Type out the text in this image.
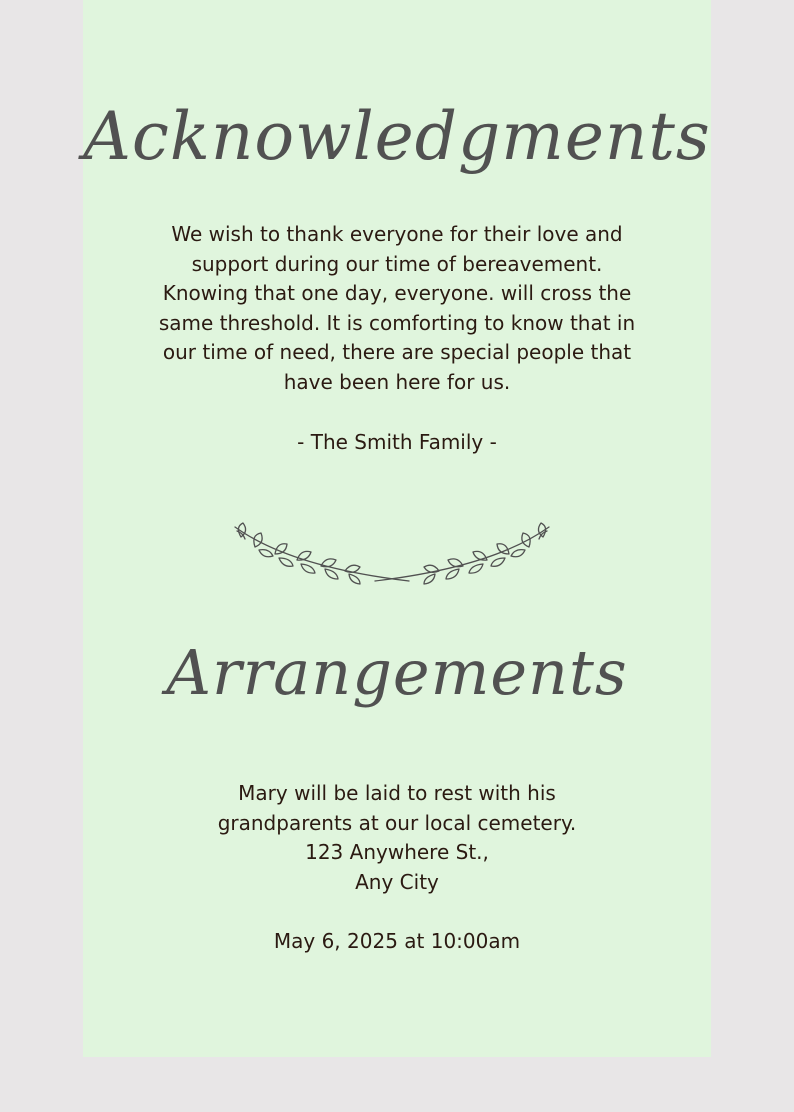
Acknowledgments
We wish to thank everyone for their love and
support during our time of bereavement.
Knowing that one day, everyone. will cross the
same threshold. It is comforting to know that in
our time of need, there are special people that
have been here for us.
- The Smith Family -
Arrangements
Mary will be laid to rest with his
grandparents at our local cemetery.
123 Anywhere St.,
Any City
May 6, 2025 at 10:00am
